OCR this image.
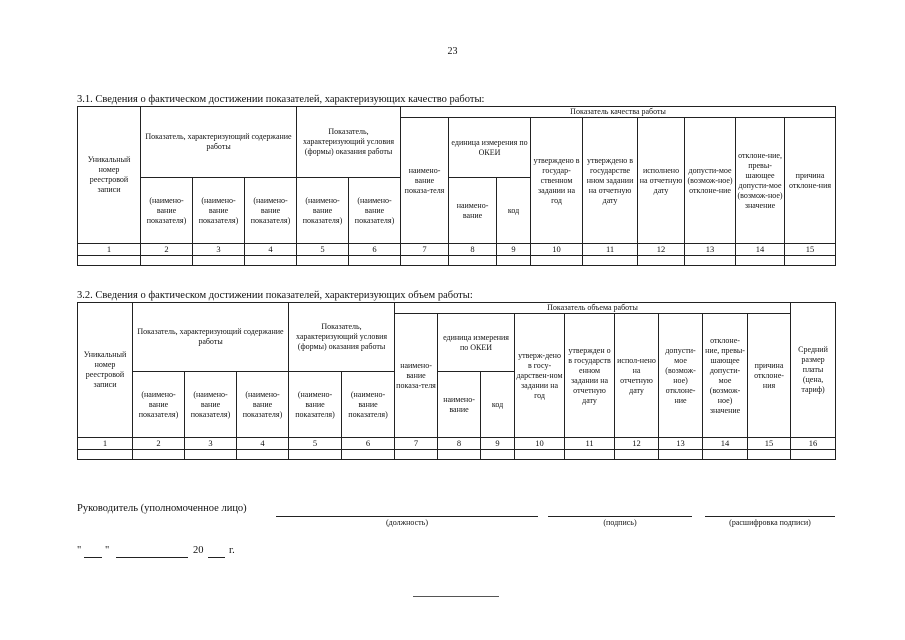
23
3.1. Сведения о фактическом достижении показателей, характеризующих качество работы:
Уникальный номер реестровой записи	Показатель, характеризующий содержание работы			Показатель, характеризующий условия (формы) оказания работы		Показатель качества работы								
						наимено-вание показа-теля	единица измерения по ОКЕИ		утверждено в государ-ственном задании на год	утверждено в государстве нном задании на отчетную дату	исполнено на отчетную дату	допусти-мое (возмож-ное) отклоне-ние	отклоне-ние, превы-шающее допусти-мое (возмож-ное) значение	причина отклоне-ния
	(наимено-вание показателя)	(наимено-вание показателя)	(наимено-вание показателя)	(наимено-вание показателя)	(наимено-вание показателя)		наимено-вание	код						
1	2	3	4	5	6	7	8	9	10	11	12	13	14	15

3.2. Сведения о фактическом достижении показателей, характеризующих объем работы:
Уникальный номер реестровой записи	Показатель, характеризующий содержание работы			Показатель, характеризующий условия (формы) оказания работы		Показатель объема работы									Средний размер платы (цена, тариф)
						наимено-вание показа-теля	единица измерения по ОКЕИ		утверж-дено в госу-дарствен-ном задании на год	утвержден о в государств енном задании на отчетную дату	испол-нено на отчетную дату	допусти-мое (возмож-ное) отклоне-ние	отклоне-ние, превы-шающее допусти-мое (возмож-ное) значение	причина отклоне-ния	
	(наимено-вание показателя)	(наимено-вание показателя)	(наимено-вание показателя)	(наимено-вание показателя)	(наимено-вание показателя)		наимено-вание	код							
1	2	3	4	5	6	7	8	9	10	11	12	13	14	15	16

Руководитель (уполномоченное лицо)
(должность)	(подпись)	(расшифровка подписи)
" "	20 г.
